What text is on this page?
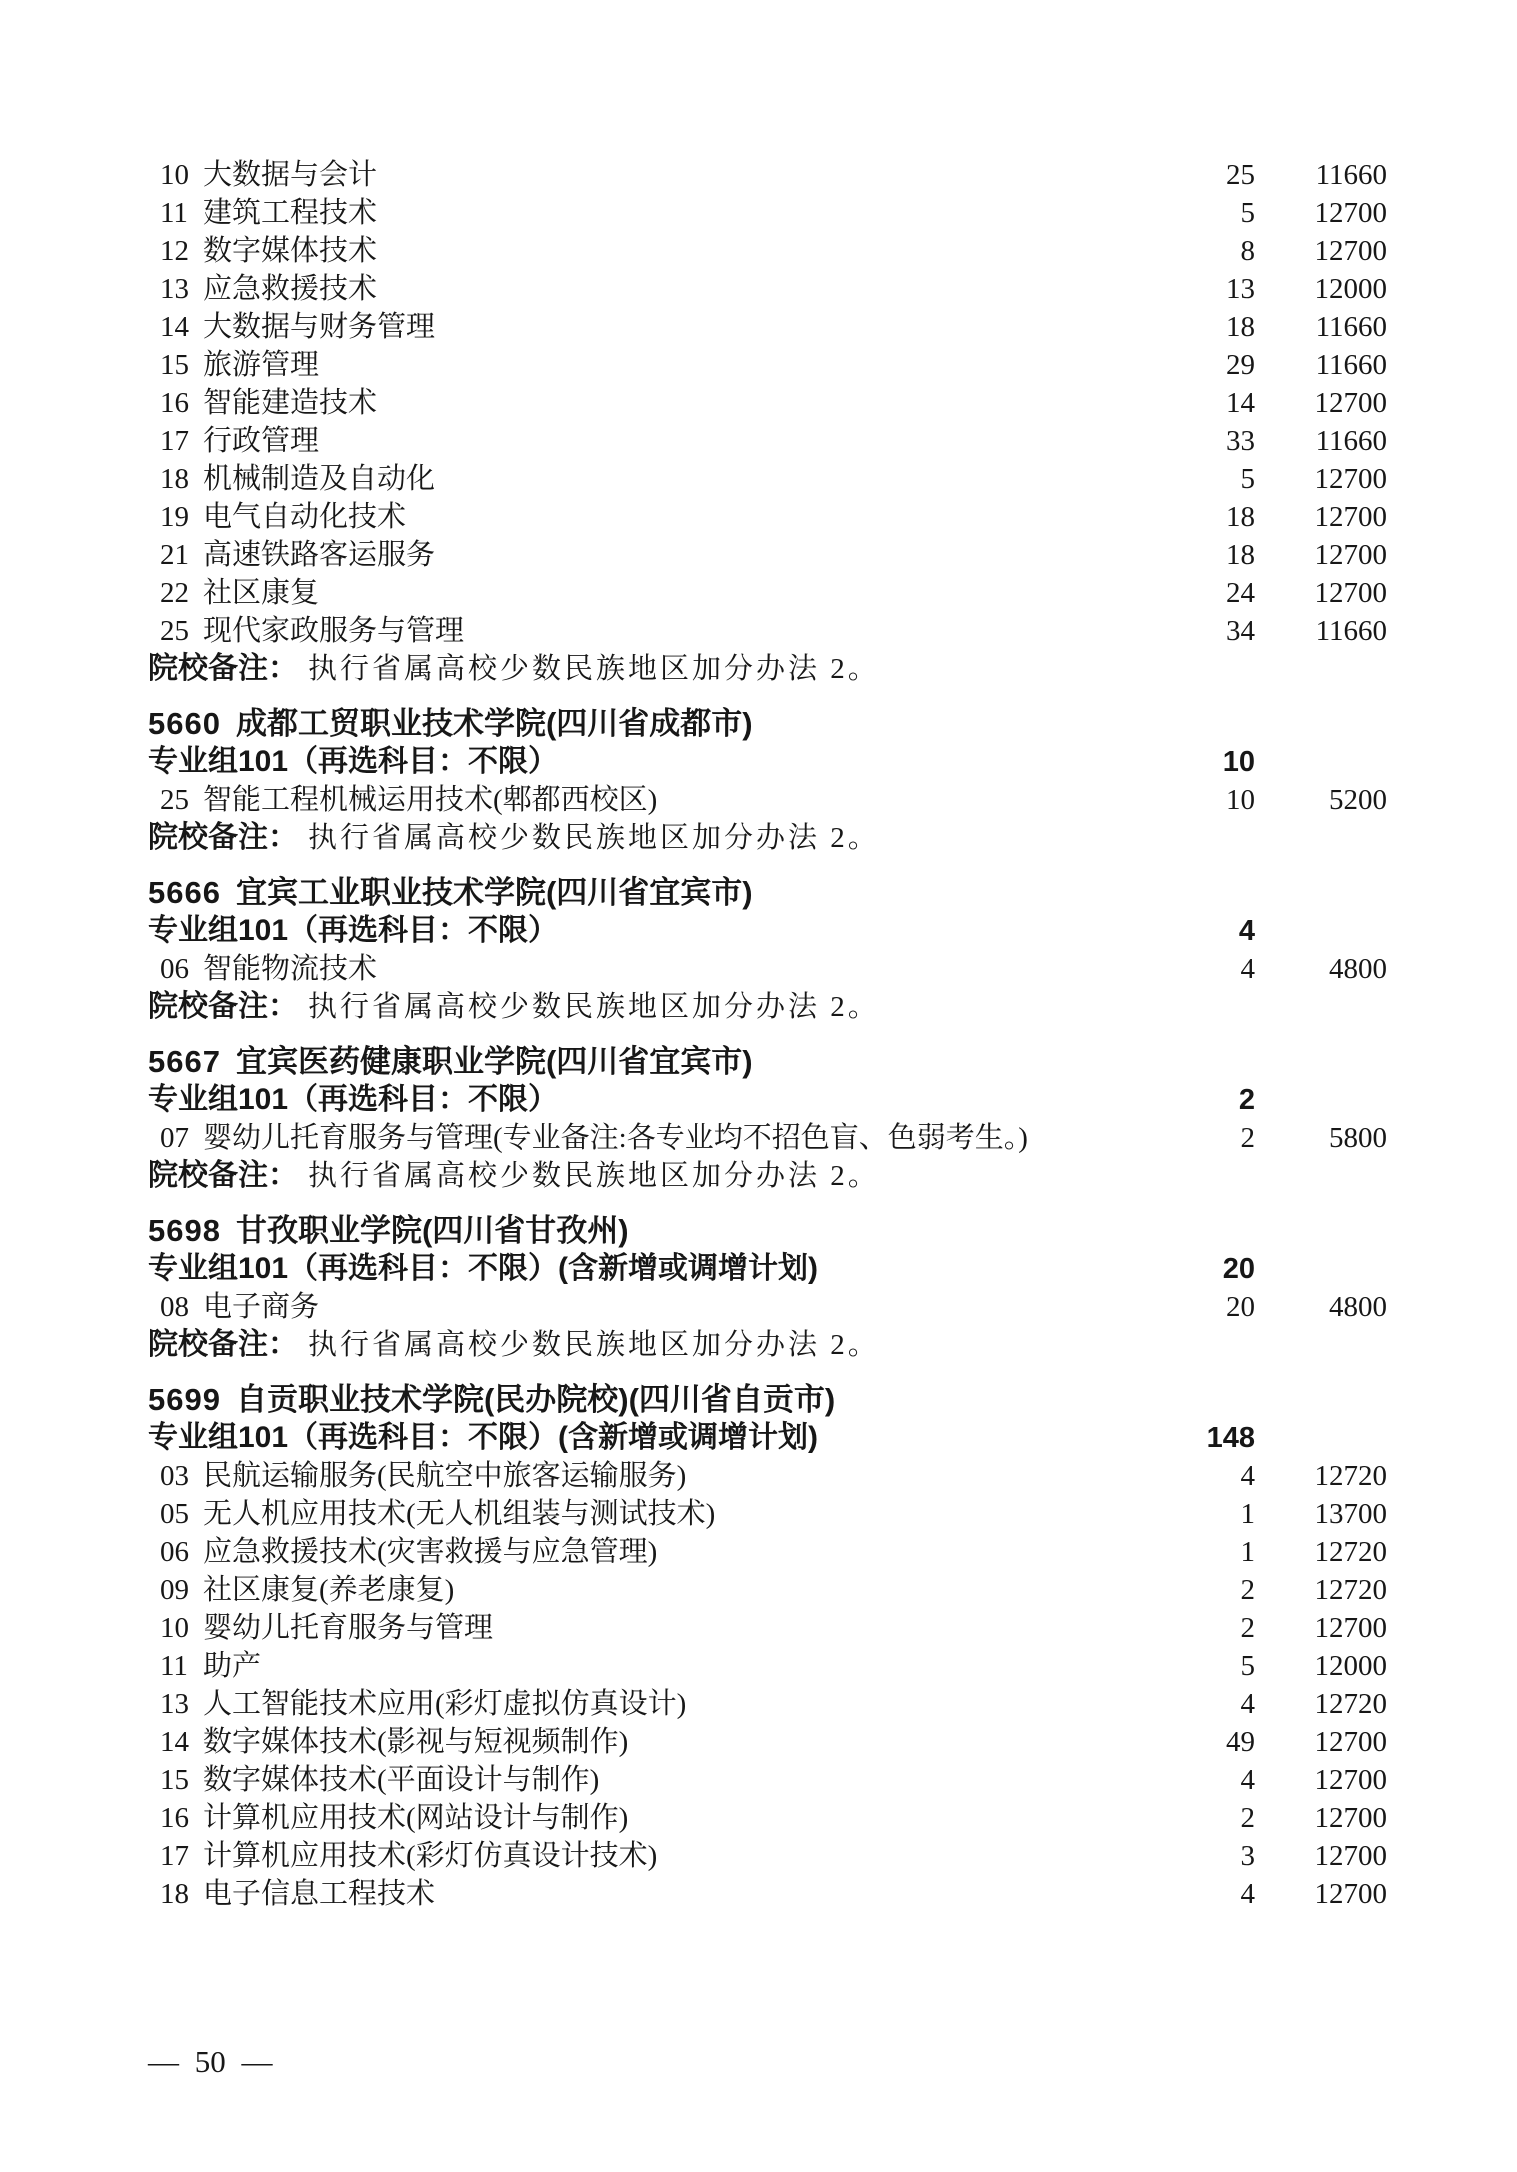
10 大数据与会计	25 11660
11 建筑工程技术	5 12700
12 数字媒体技术	8 12700
13 应急救援技术	13 12000
14 大数据与财务管理	18 11660
15 旅游管理	29 11660
16 智能建造技术	14 12700
17 行政管理	33 11660
18 机械制造及自动化	5 12700
19 电气自动化技术	18 12700
21 高速铁路客运服务	18 12700
22 社区康复	24 12700
25 现代家政服务与管理	34 11660
院校备注： 执行省属高校少数民族地区加分办法 2。
5660 成都工贸职业技术学院(四川省成都市)
专业组101（再选科目：不限）	10
25 智能工程机械运用技术(郫都西校区)	10	5200
院校备注： 执行省属高校少数民族地区加分办法 2。
5666 宜宾工业职业技术学院(四川省宜宾市)
专业组101（再选科目：不限）	4
06 智能物流技术	4	4800
院校备注： 执行省属高校少数民族地区加分办法 2。
5667 宜宾医药健康职业学院(四川省宜宾市)
专业组101（再选科目：不限）	2
07 婴幼儿托育服务与管理(专业备注:各专业均不招色盲、色弱考生。)	2	5800
院校备注： 执行省属高校少数民族地区加分办法 2。
5698 甘孜职业学院(四川省甘孜州)
专业组101（再选科目：不限）(含新增或调增计划)	20
08 电子商务	20	4800
院校备注： 执行省属高校少数民族地区加分办法 2。
5699 自贡职业技术学院(民办院校)(四川省自贡市)
专业组101（再选科目：不限）(含新增或调增计划)	148
03 民航运输服务(民航空中旅客运输服务)	4 12720
05 无人机应用技术(无人机组装与测试技术)	1 13700
06 应急救援技术(灾害救援与应急管理)	1 12720
09 社区康复(养老康复)	2 12720
10 婴幼儿托育服务与管理	2 12700
11 助产	5 12000
13 人工智能技术应用(彩灯虚拟仿真设计)	4 12720
14 数字媒体技术(影视与短视频制作)	49 12700
15 数字媒体技术(平面设计与制作)	4 12700
16 计算机应用技术(网站设计与制作)	2 12700
17 计算机应用技术(彩灯仿真设计技术)	3 12700
18 电子信息工程技术	4 12700
— 50 —
